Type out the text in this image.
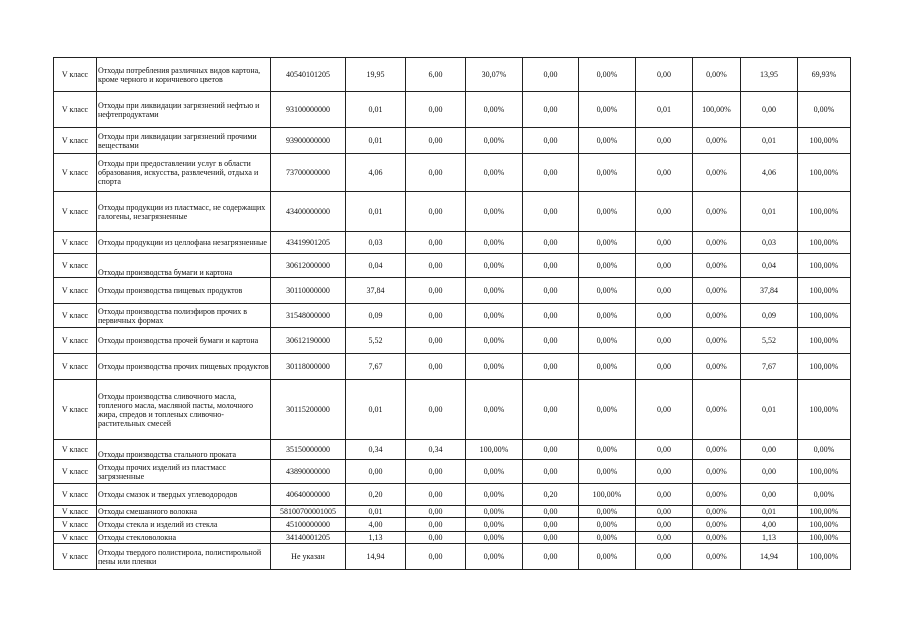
V класс	Отходы потребления различных видов картона, кроме черного и коричневого цветов	40540101205	19,95	6,00	30,07%	0,00	0,00%	0,00	0,00%	13,95	69,93%
V класс	Отходы при ликвидации загрязнений нефтью и нефтепродуктами	93100000000	0,01	0,00	0,00%	0,00	0,00%	0,01	100,00%	0,00	0,00%
V класс	Отходы при ликвидации загрязнений прочими веществами	93900000000	0,01	0,00	0,00%	0,00	0,00%	0,00	0,00%	0,01	100,00%
V класс	Отходы при предоставлении услуг в области образования, искусства, развлечений, отдыха и спорта	73700000000	4,06	0,00	0,00%	0,00	0,00%	0,00	0,00%	4,06	100,00%
V класс	Отходы продукции из пластмасс, не содержащих галогены, незагрязненные	43400000000	0,01	0,00	0,00%	0,00	0,00%	0,00	0,00%	0,01	100,00%
V класс	Отходы продукции из целлофана незагрязненные	43419901205	0,03	0,00	0,00%	0,00	0,00%	0,00	0,00%	0,03	100,00%
V класс	Отходы производства бумаги и картона	30612000000	0,04	0,00	0,00%	0,00	0,00%	0,00	0,00%	0,04	100,00%
V класс	Отходы производства пищевых продуктов	30110000000	37,84	0,00	0,00%	0,00	0,00%	0,00	0,00%	37,84	100,00%
V класс	Отходы производства полиэфиров прочих в первичных формах	31548000000	0,09	0,00	0,00%	0,00	0,00%	0,00	0,00%	0,09	100,00%
V класс	Отходы производства прочей бумаги и картона	30612190000	5,52	0,00	0,00%	0,00	0,00%	0,00	0,00%	5,52	100,00%
V класс	Отходы производства прочих пищевых продуктов	30118000000	7,67	0,00	0,00%	0,00	0,00%	0,00	0,00%	7,67	100,00%
V класс	Отходы производства сливочного масла, топленого масла, масляной пасты, молочного жира, спредов и топленых сливочно-растительных смесей	30115200000	0,01	0,00	0,00%	0,00	0,00%	0,00	0,00%	0,01	100,00%
V класс	Отходы производства стального проката	35150000000	0,34	0,34	100,00%	0,00	0,00%	0,00	0,00%	0,00	0,00%
V класс	Отходы прочих изделий из пластмасс загрязненные	43890000000	0,00	0,00	0,00%	0,00	0,00%	0,00	0,00%	0,00	100,00%
V класс	Отходы смазок и твердых углеводородов	40640000000	0,20	0,00	0,00%	0,20	100,00%	0,00	0,00%	0,00	0,00%
V класс	Отходы смешанного волокна	58100700001005	0,01	0,00	0,00%	0,00	0,00%	0,00	0,00%	0,01	100,00%
V класс	Отходы стекла и изделий из стекла	45100000000	4,00	0,00	0,00%	0,00	0,00%	0,00	0,00%	4,00	100,00%
V класс	Отходы стекловолокна	34140001205	1,13	0,00	0,00%	0,00	0,00%	0,00	0,00%	1,13	100,00%
V класс	Отходы твердого полистирола, полистирольной пены или пленки	Не указан	14,94	0,00	0,00%	0,00	0,00%	0,00	0,00%	14,94	100,00%
